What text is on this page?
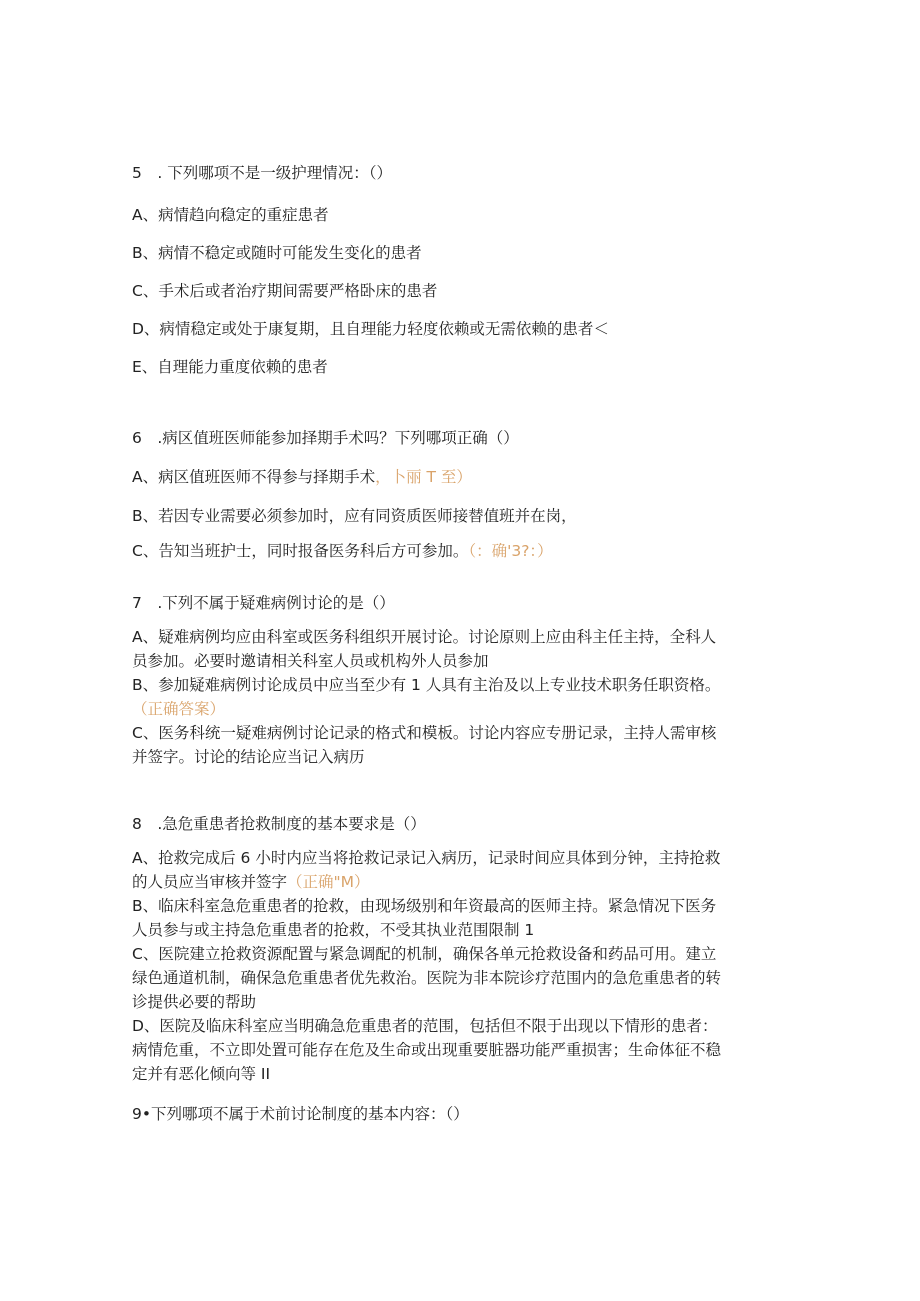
5　. 下列哪项不是一级护理情况：（）
A、病情趋向稳定的重症患者
B、病情不稳定或随时可能发生变化的患者
C、手术后或者治疗期间需要严格卧床的患者
D、病情稳定或处于康复期，且自理能力轻度依赖或无需依赖的患者＜
E、自理能力重度依赖的患者
6　.病区值班医师能参加择期手术吗？下列哪项正确（）
A、病区值班医师不得参与择期手术，卜丽 T 至）
B、若因专业需要必须参加时，应有同资质医师接替值班并在岗，
C、告知当班护士，同时报备医务科后方可参加。（：确'3?：）
7　.下列不属于疑难病例讨论的是（）
A、疑难病例均应由科室或医务科组织开展讨论。讨论原则上应由科主任主持，全科人
员参加。必要时邀请相关科室人员或机构外人员参加
B、参加疑难病例讨论成员中应当至少有 1 人具有主治及以上专业技术职务任职资格。
（正确答案）
C、医务科统一疑难病例讨论记录的格式和模板。讨论内容应专册记录，主持人需审核
并签字。讨论的结论应当记入病历
8　.急危重患者抢救制度的基本要求是（）
A、抢救完成后 6 小时内应当将抢救记录记入病历，记录时间应具体到分钟，主持抢救
的人员应当审核并签字（正确"M）
B、临床科室急危重患者的抢救，由现场级别和年资最高的医师主持。紧急情况下医务
人员参与或主持急危重患者的抢救，不受其执业范围限制 1
C、医院建立抢救资源配置与紧急调配的机制，确保各单元抢救设备和药品可用。建立
绿色通道机制，确保急危重患者优先救治。医院为非本院诊疗范围内的急危重患者的转
诊提供必要的帮助
D、医院及临床科室应当明确急危重患者的范围，包括但不限于出现以下情形的患者：
病情危重，不立即处置可能存在危及生命或出现重要脏器功能严重损害；生命体征不稳
定并有恶化倾向等 II
9•下列哪项不属于术前讨论制度的基本内容：（）
